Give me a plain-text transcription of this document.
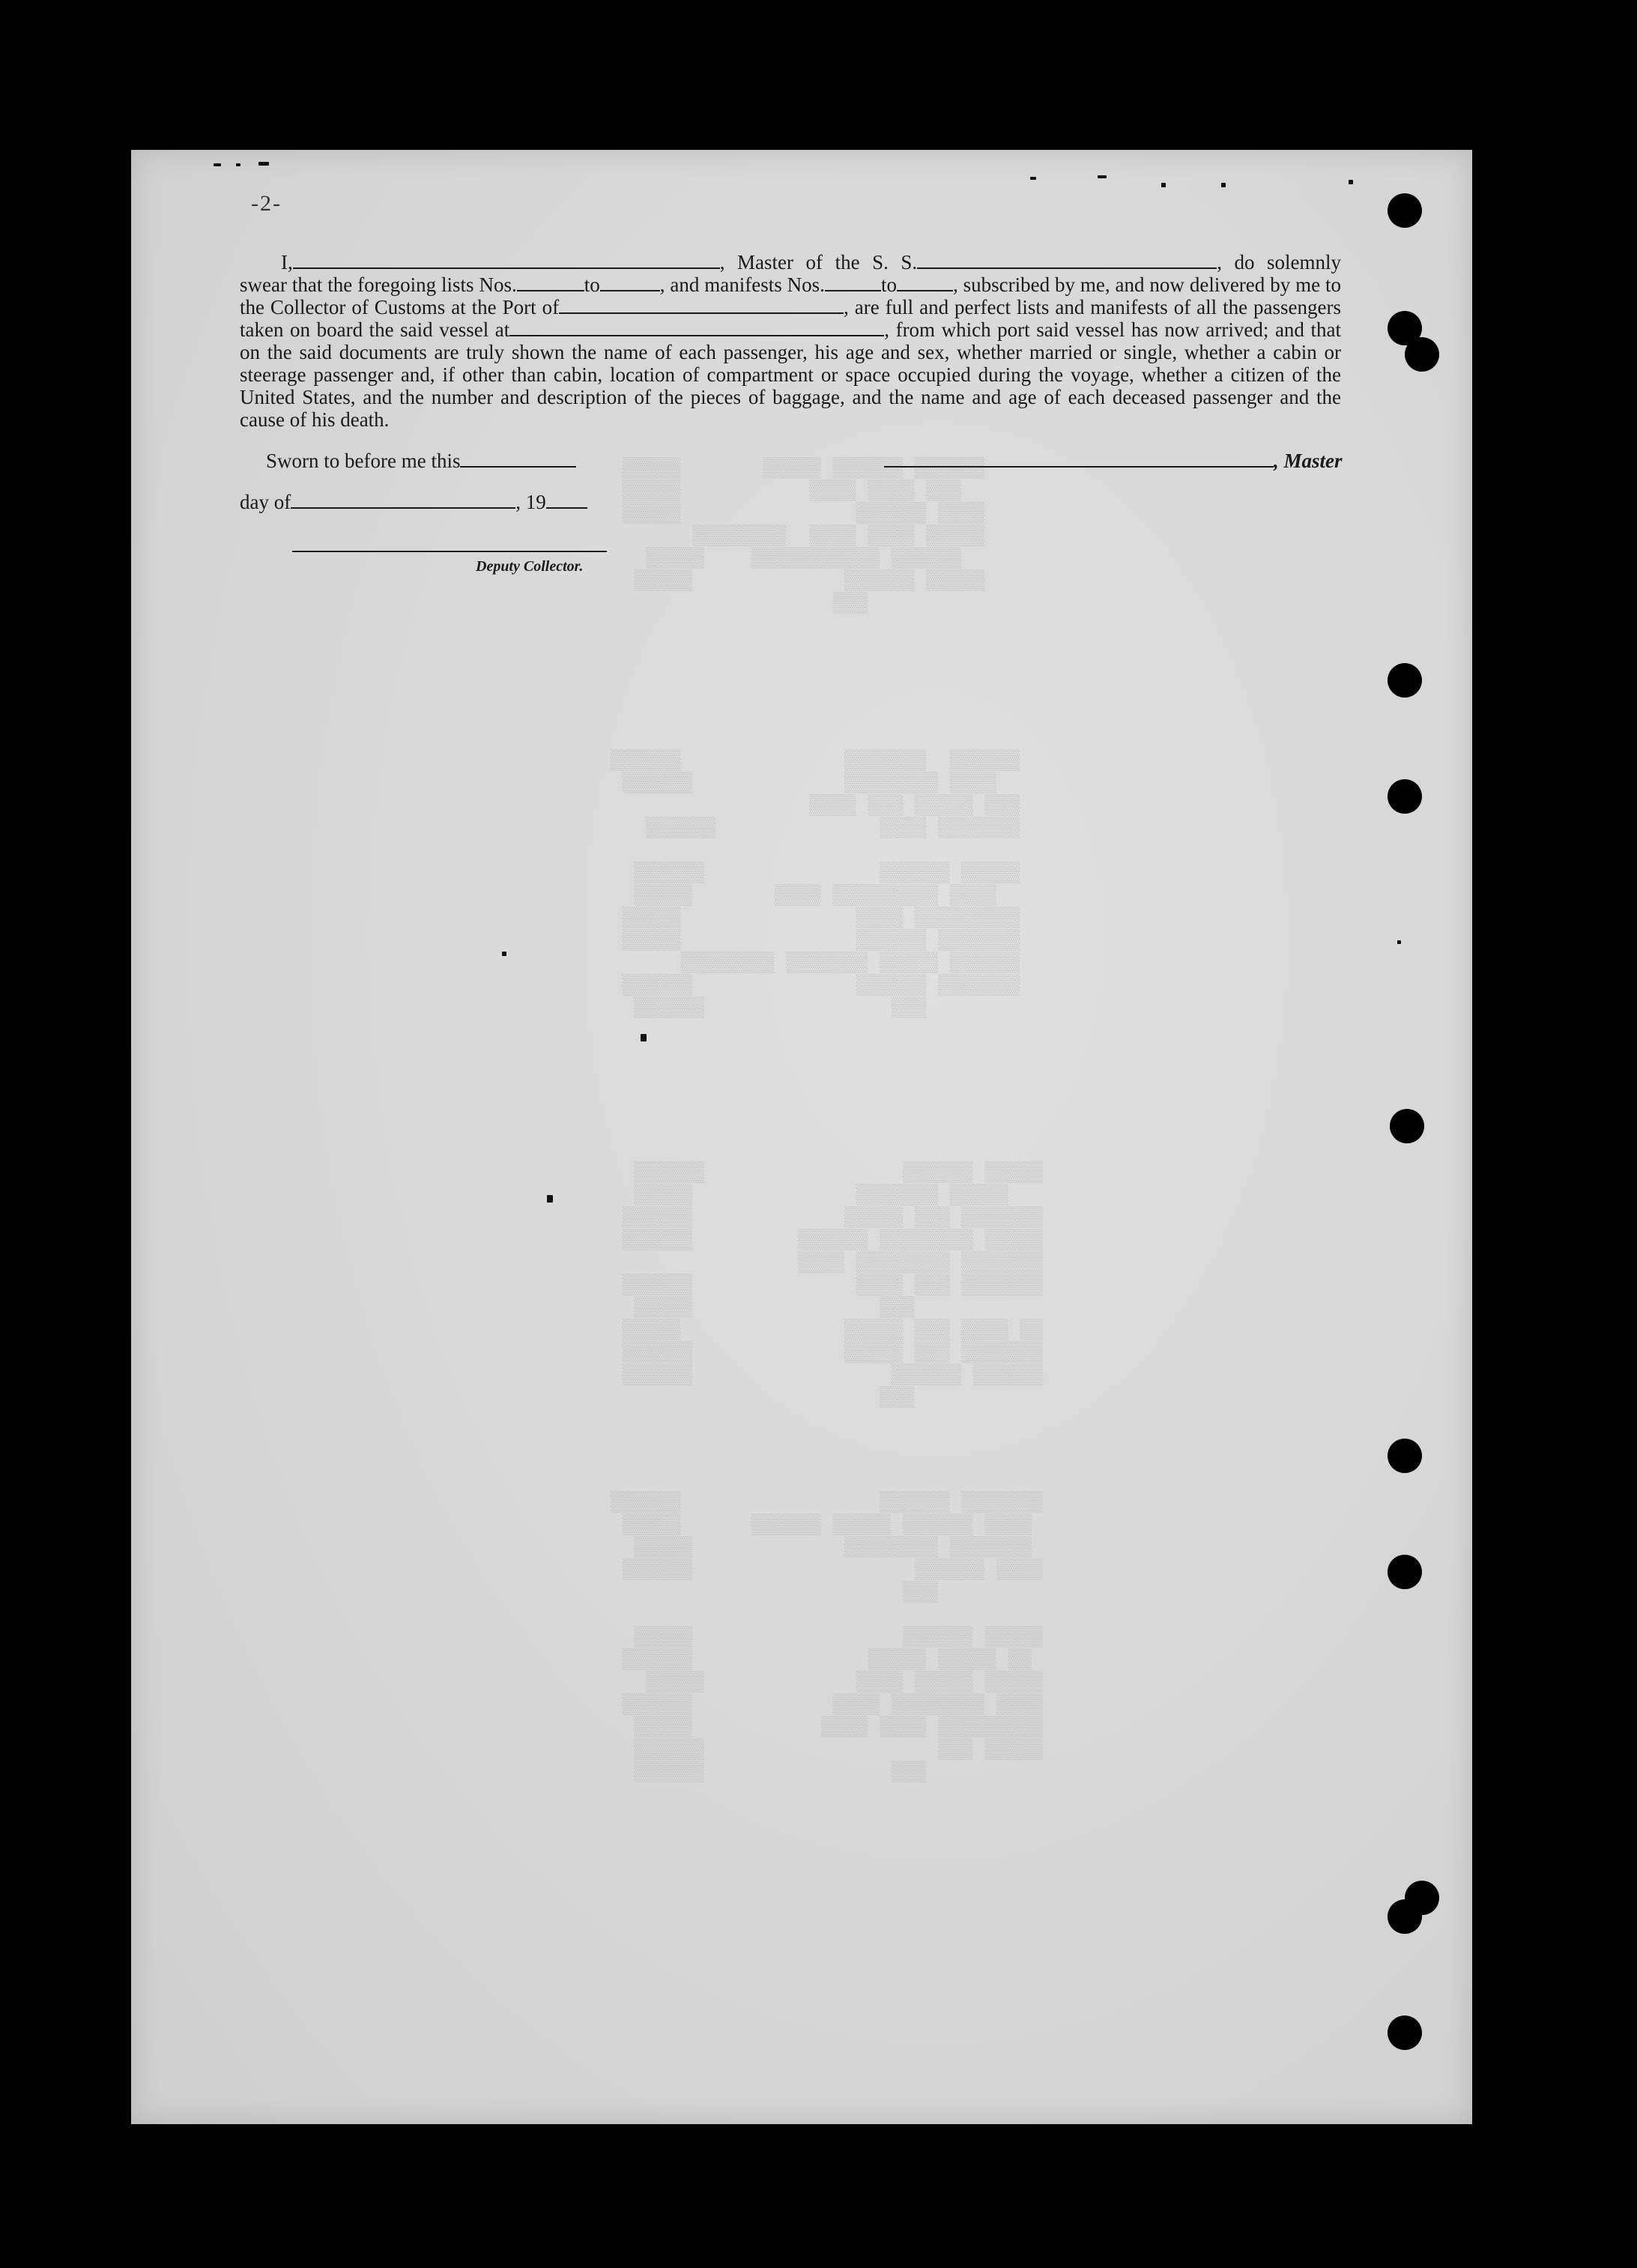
-2-

▒▒▒▒▒▒ ▒▒▒▒▒▒ ▒▒▒▒▒       ▒▒▒▒▒
▒▒▒ ▒▒▒▒ ▒▒▒▒           ▒▒▒▒▒
▒▒▒▒ ▒▒▒▒▒▒               ▒▒▒▒▒
▒▒▒▒▒ ▒▒▒▒ ▒▒▒▒  ▒▒▒▒▒▒▒▒
▒▒▒▒▒▒ ▒▒▒▒▒▒▒▒▒▒▒    ▒▒▒▒▒
▒▒▒▒▒ ▒▒▒▒▒▒             ▒▒▒▒▒
▒▒▒

▒▒▒▒▒▒  ▒▒▒▒▒▒▒              ▒▒▒▒▒▒
▒▒▒▒ ▒▒▒▒▒▒▒▒             ▒▒▒▒▒▒
▒▒▒ ▒▒▒▒▒ ▒▒▒ ▒▒▒▒
▒▒▒▒▒▒▒ ▒▒▒▒              ▒▒▒▒▒▒

▒▒▒▒▒ ▒▒▒▒▒▒               ▒▒▒▒▒▒
▒▒▒▒ ▒▒▒▒▒▒▒▒▒ ▒▒▒▒       ▒▒▒▒▒
▒▒▒▒▒▒▒▒▒ ▒▒▒▒               ▒▒▒▒▒
▒▒▒▒▒▒▒ ▒▒▒▒▒▒               ▒▒▒▒▒
▒▒▒▒▒▒ ▒▒▒▒▒ ▒▒▒▒▒▒▒ ▒▒▒▒▒▒▒▒
▒▒▒▒▒▒▒ ▒▒▒▒▒▒              ▒▒▒▒▒▒
▒▒▒                ▒▒▒▒▒▒

▒▒▒▒▒ ▒▒▒▒▒▒                 ▒▒▒▒▒▒
▒▒▒▒▒ ▒▒▒▒▒▒▒              ▒▒▒▒▒
▒▒▒▒▒▒▒ ▒▒▒ ▒▒▒▒▒             ▒▒▒▒▒▒
▒▒▒▒▒ ▒▒▒▒▒▒▒▒ ▒▒▒▒▒▒         ▒▒▒▒▒▒
▒▒▒▒▒▒▒ ▒▒▒▒▒▒▒▒ ▒▒▒▒
▒▒▒▒▒▒▒ ▒▒▒ ▒▒▒▒              ▒▒▒▒▒▒
▒▒▒                ▒▒▒▒▒
▒▒ ▒▒▒▒ ▒▒▒ ▒▒▒▒▒              ▒▒▒▒▒
▒▒▒▒▒▒▒ ▒▒▒ ▒▒▒▒▒             ▒▒▒▒▒▒
▒▒▒▒▒▒ ▒▒▒▒▒▒                 ▒▒▒▒▒▒
▒▒▒

▒▒▒▒▒▒▒ ▒▒▒▒▒▒                 ▒▒▒▒▒▒
▒▒▒▒ ▒▒▒▒▒▒ ▒▒▒▒▒ ▒▒▒▒▒▒      ▒▒▒▒▒
▒▒▒▒▒▒▒ ▒▒▒▒▒▒▒▒             ▒▒▒▒▒
▒▒▒▒ ▒▒▒▒▒▒                   ▒▒▒▒▒▒
▒▒▒

▒▒▒▒▒ ▒▒▒▒▒▒                  ▒▒▒▒▒
▒▒ ▒▒▒▒▒ ▒▒▒▒▒               ▒▒▒▒▒▒
▒▒▒▒▒ ▒▒▒▒▒ ▒▒▒▒             ▒▒▒▒▒
▒▒▒▒ ▒▒▒▒▒▒▒▒ ▒▒▒▒            ▒▒▒▒▒▒
▒▒▒▒▒▒▒▒▒ ▒▒▒▒ ▒▒▒▒           ▒▒▒▒▒
▒▒▒▒▒ ▒▒▒                    ▒▒▒▒▒▒
▒▒▒                ▒▒▒▒▒▒

I,	, Master of the S. S.	, do solemnly swear that the foregoing lists Nos.	to	, and manifests Nos.	to	, subscribed by me, and now delivered by me to the Collector of Customs at the Port of	, are full and perfect lists and manifests of all the passengers taken on board the said vessel at	, from which port said vessel has now arrived; and that on the said documents are truly shown the name of each passenger, his age and sex, whether married or single, whether a cabin or steerage passenger and, if other than cabin, location of compartment or space occupied during the voyage, whether a citizen of the United States, and the number and description of the pieces of baggage, and the name and age of each deceased passenger and the cause of his death.

Sworn to before me this	, Master
day of	, 19
Deputy Collector.
